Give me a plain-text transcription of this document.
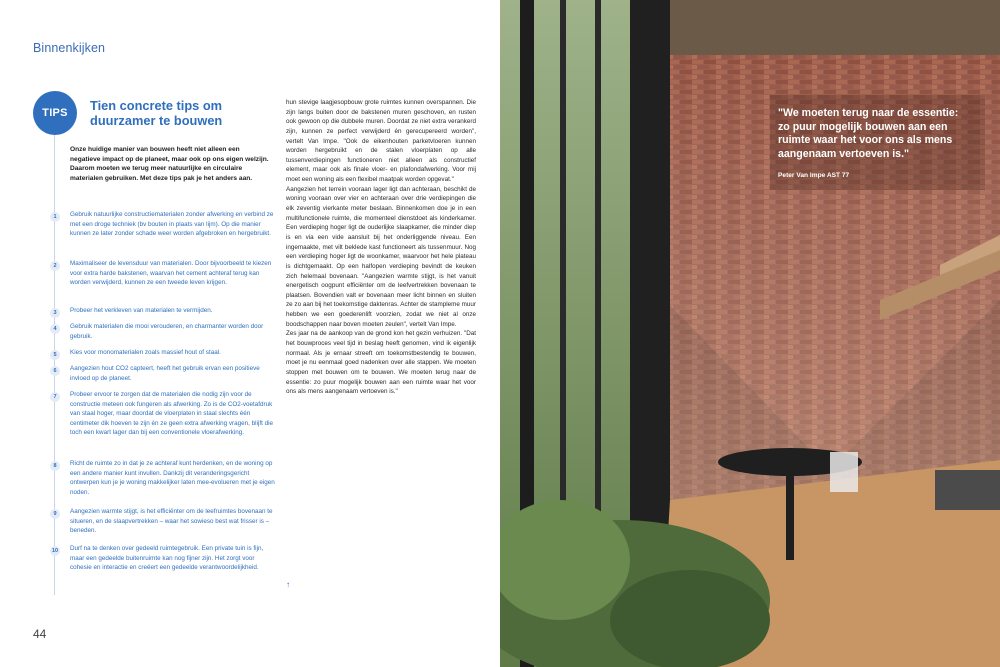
Binnenkijken
TIPS	Tien concrete tips om duurzamer te bouwen
Onze huidige manier van bouwen heeft niet alleen een negatieve impact op de planeet, maar ook op ons eigen welzijn. Daarom moeten we terug meer natuurlijke en circulaire materialen gebruiken. Met deze tips pak je het anders aan.
1	Gebruik natuurlijke constructiematerialen zonder afwerking en verbind ze met een droge techniek (bv bouten in plaats van lijm). Op die manier kunnen ze later zonder schade weer worden afgebroken en hergebruikt.
2	Maximaliseer de levensduur van materialen. Door bijvoorbeeld te kiezen voor extra harde bakstenen, waarvan het cement achteraf terug kan worden verwijderd, kunnen ze een tweede leven krijgen.
3	Probeer het verkleven van materialen te vermijden.
4	Gebruik materialen die mooi verouderen, en charmanter worden door gebruik.
5	Kies voor monomaterialen zoals massief hout of staal.
6	Aangezien hout CO2 capteert, heeft het gebruik ervan een positieve invloed op de planeet.
7	Probeer ervoor te zorgen dat de materialen die nodig zijn voor de constructie meteen ook fungeren als afwerking. Zo is de CO2-voetafdruk van staal hoger, maar doordat de vloerplaten in staal slechts één centimeter dik hoeven te zijn én ze geen extra afwerking vragen, blijft die toch een kwart lager dan bij een conventionele vloerafwerking.
8	Richt de ruimte zo in dat je ze achteraf kunt herdenken, en de woning op een andere manier kunt invullen. Dankzij dit veranderingsgericht ontwerpen kun je je woning makkelijker laten mee-evolueren met je eigen noden.
9	Aangezien warmte stijgt, is het efficiënter om de leefruimtes bovenaan te situeren, en de slaapvertrekken – waar het sowieso best wat frisser is – beneden.
10	Durf na te denken over gedeeld ruimtegebruik. Een private tuin is fijn, maar een gedeelde buitenruimte kan nog fijner zijn. Het zorgt voor cohesie en interactie en creëert een gedeelde verantwoordelijkheid.

hun stevige laagjesopbouw grote ruimtes kunnen overspannen. Die zijn langs buiten door de bakstenen muren geschoven, en rusten ook gewoon op die dubbele muren. Doordat ze niet extra verankerd zijn, kunnen ze perfect verwijderd én gerecupereerd worden", vertelt Van Impe. "Ook de eikenhouten parketvloeren kunnen worden hergebruikt en de stalen vloerplaten op alle tussenverdiepingen functioneren niet alleen als constructief element, maar ook als finale vloer- en plafondafwerking. Voor mij moet een woning als een flexibel maatpak worden opgevat."

Aangezien het terrein vooraan lager ligt dan achteraan, beschikt de woning vooraan over vier en achteraan over drie verdiepingen die elk zeventig vierkante meter beslaan. Binnenkomen doe je in een multifunctionele ruimte, die momenteel dienstdoet als kinderkamer. Een verdieping hoger ligt de ouderlijke slaapkamer, die minder diep is en via een vide aansluit bij het onderliggende niveau. Een ingemaakte, met vilt beklede kast functioneert als tussenmuur. Nog een verdieping hoger ligt de woonkamer, waarvoor het hele plateau is dichtgemaakt. Op een halfopen verdieping bevindt de keuken zich helemaal bovenaan. "Aangezien warmte stijgt, is het vanuit energetisch oogpunt efficiënter om de leefvertrekken bovenaan te plaatsen. Bovendien valt er bovenaan meer licht binnen en sluiten ze zo aan bij het toekomstige daktenras. Achter de stampleme muur hebben we een goederenlift voorzien, zodat we niet al onze boodschappen naar boven moeten zeulen", vertelt Van Impe.

Zes jaar na de aankoop van de grond kon het gezin verhuizen. "Dat het bouwproces veel tijd in beslag heeft genomen, vind ik eigenlijk normaal. Als je ernaar streeft om toekomstbestendig te bouwen, moet je nu eenmaal goed nadenken over alle stappen. We moeten stoppen met bouwen om te bouwen. We moeten terug naar de essentie: zo puur mogelijk bouwen aan een ruimte waar het voor ons als mens aangenaam vertoeven is."

↑
44
"We moeten terug naar de essentie: zo puur mogelijk bouwen aan een ruimte waar het voor ons als mens aangenaam vertoeven is."
Peter Van Impe AST 77
